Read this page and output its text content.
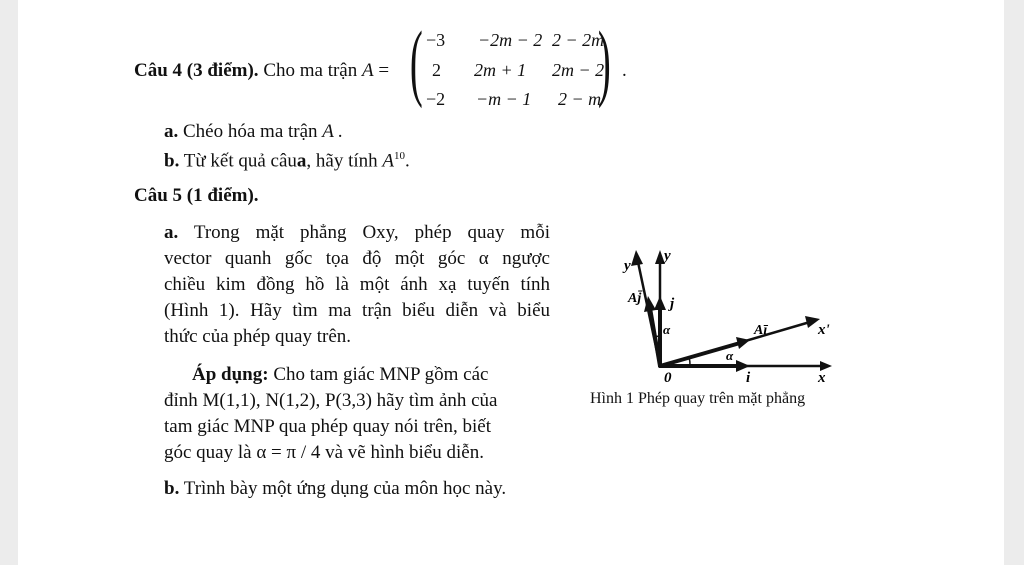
Câu 4 (3 điểm). Cho ma trận A = ( )
−3 −2m − 2 2 − 2m
2 2m + 1 2m − 2
−2 −m − 1 2 − m
.
a. Chéo hóa ma trận A .
b. Từ kết quả câua, hãy tính $A^{10}$.
Câu 5 (1 điểm).
a. Trong mặt phẳng Oxy, phép quay mỗi
vector quanh gốc tọa độ một góc α ngược
chiều kim đồng hồ là một ánh xạ tuyến tính
(Hình 1). Hãy tìm ma trận biểu diễn và biểu
thức của phép quay trên.
Áp dụng: Cho tam giác MNP gồm các
đỉnh M(1,1), N(1,2), P(3,3) hãy tìm ảnh của
tam giác MNP qua phép quay nói trên, biết
góc quay là α = π / 4 và vẽ hình biểu diễn.
b. Trình bày một ứng dụng của môn học này.
y
y
x
x'
0	i
j
Aī
Aj̄
α
α
Hình 1 Phép quay trên mặt phẳng
